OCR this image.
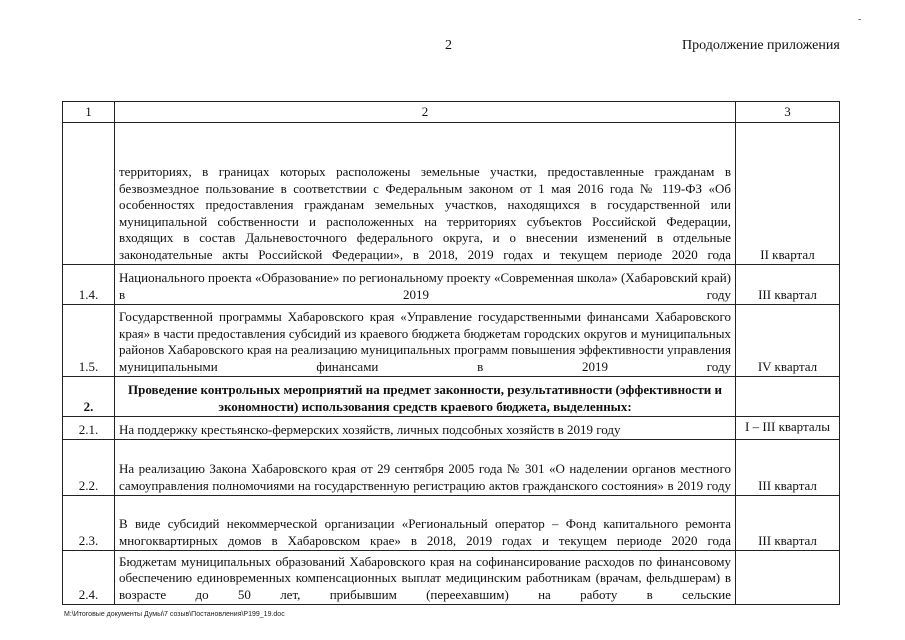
-
2	Продолжение приложения
1	2	3
	территориях, в границах которых расположены земельные участки, предоставленные гражданам в безвозмездное пользование в соответствии с Федеральным законом от 1 мая 2016 года № 119-ФЗ «Об особенностях предоставления гражданам земельных участков, находящихся в государственной или муниципальной собственности и расположенных на территориях субъектов Российской Федерации, входящих в состав Дальневосточного федерального округа, и о внесении изменений в отдельные законодательные акты Российской Федерации», в 2018, 2019 годах и текущем периоде 2020 года	II квартал
1.4.	Национального проекта «Образование» по региональному проекту «Современная школа» (Хабаровский край) в 2019 году	III квартал
1.5.	Государственной программы Хабаровского края «Управление государственными финансами Хабаровского края» в части предоставления субсидий из краевого бюджета бюджетам городских округов и муниципальных районов Хабаровского края на реализацию муниципальных программ повышения эффективности управления муниципальными финансами в 2019 году	IV квартал
2.	Проведение контрольных мероприятий на предмет законности, результативности (эффективности и экономности) использования средств краевого бюджета, выделенных:	
2.1.	На поддержку крестьянско-фермерских хозяйств, личных подсобных хозяйств в 2019 году	I – III кварталы
2.2.	На реализацию Закона Хабаровского края от 29 сентября 2005 года № 301 «О наделении органов местного самоуправления полномочиями на государственную регистрацию актов гражданского состояния» в 2019 году	III квартал
2.3.	В виде субсидий некоммерческой организации «Региональный оператор – Фонд капитального ремонта многоквартирных домов в Хабаровском крае» в 2018, 2019 годах и текущем периоде 2020 года	III квартал
2.4.	Бюджетам муниципальных образований Хабаровского края на софинансирование расходов по финансовому обеспечению единовременных компенсационных выплат медицинским работникам (врачам, фельдшерам) в возрасте до 50 лет, прибывшим (переехавшим) на работу в сельские	
M:\Итоговые документы Думы\7 созыв\Постановления\P199_19.doc
